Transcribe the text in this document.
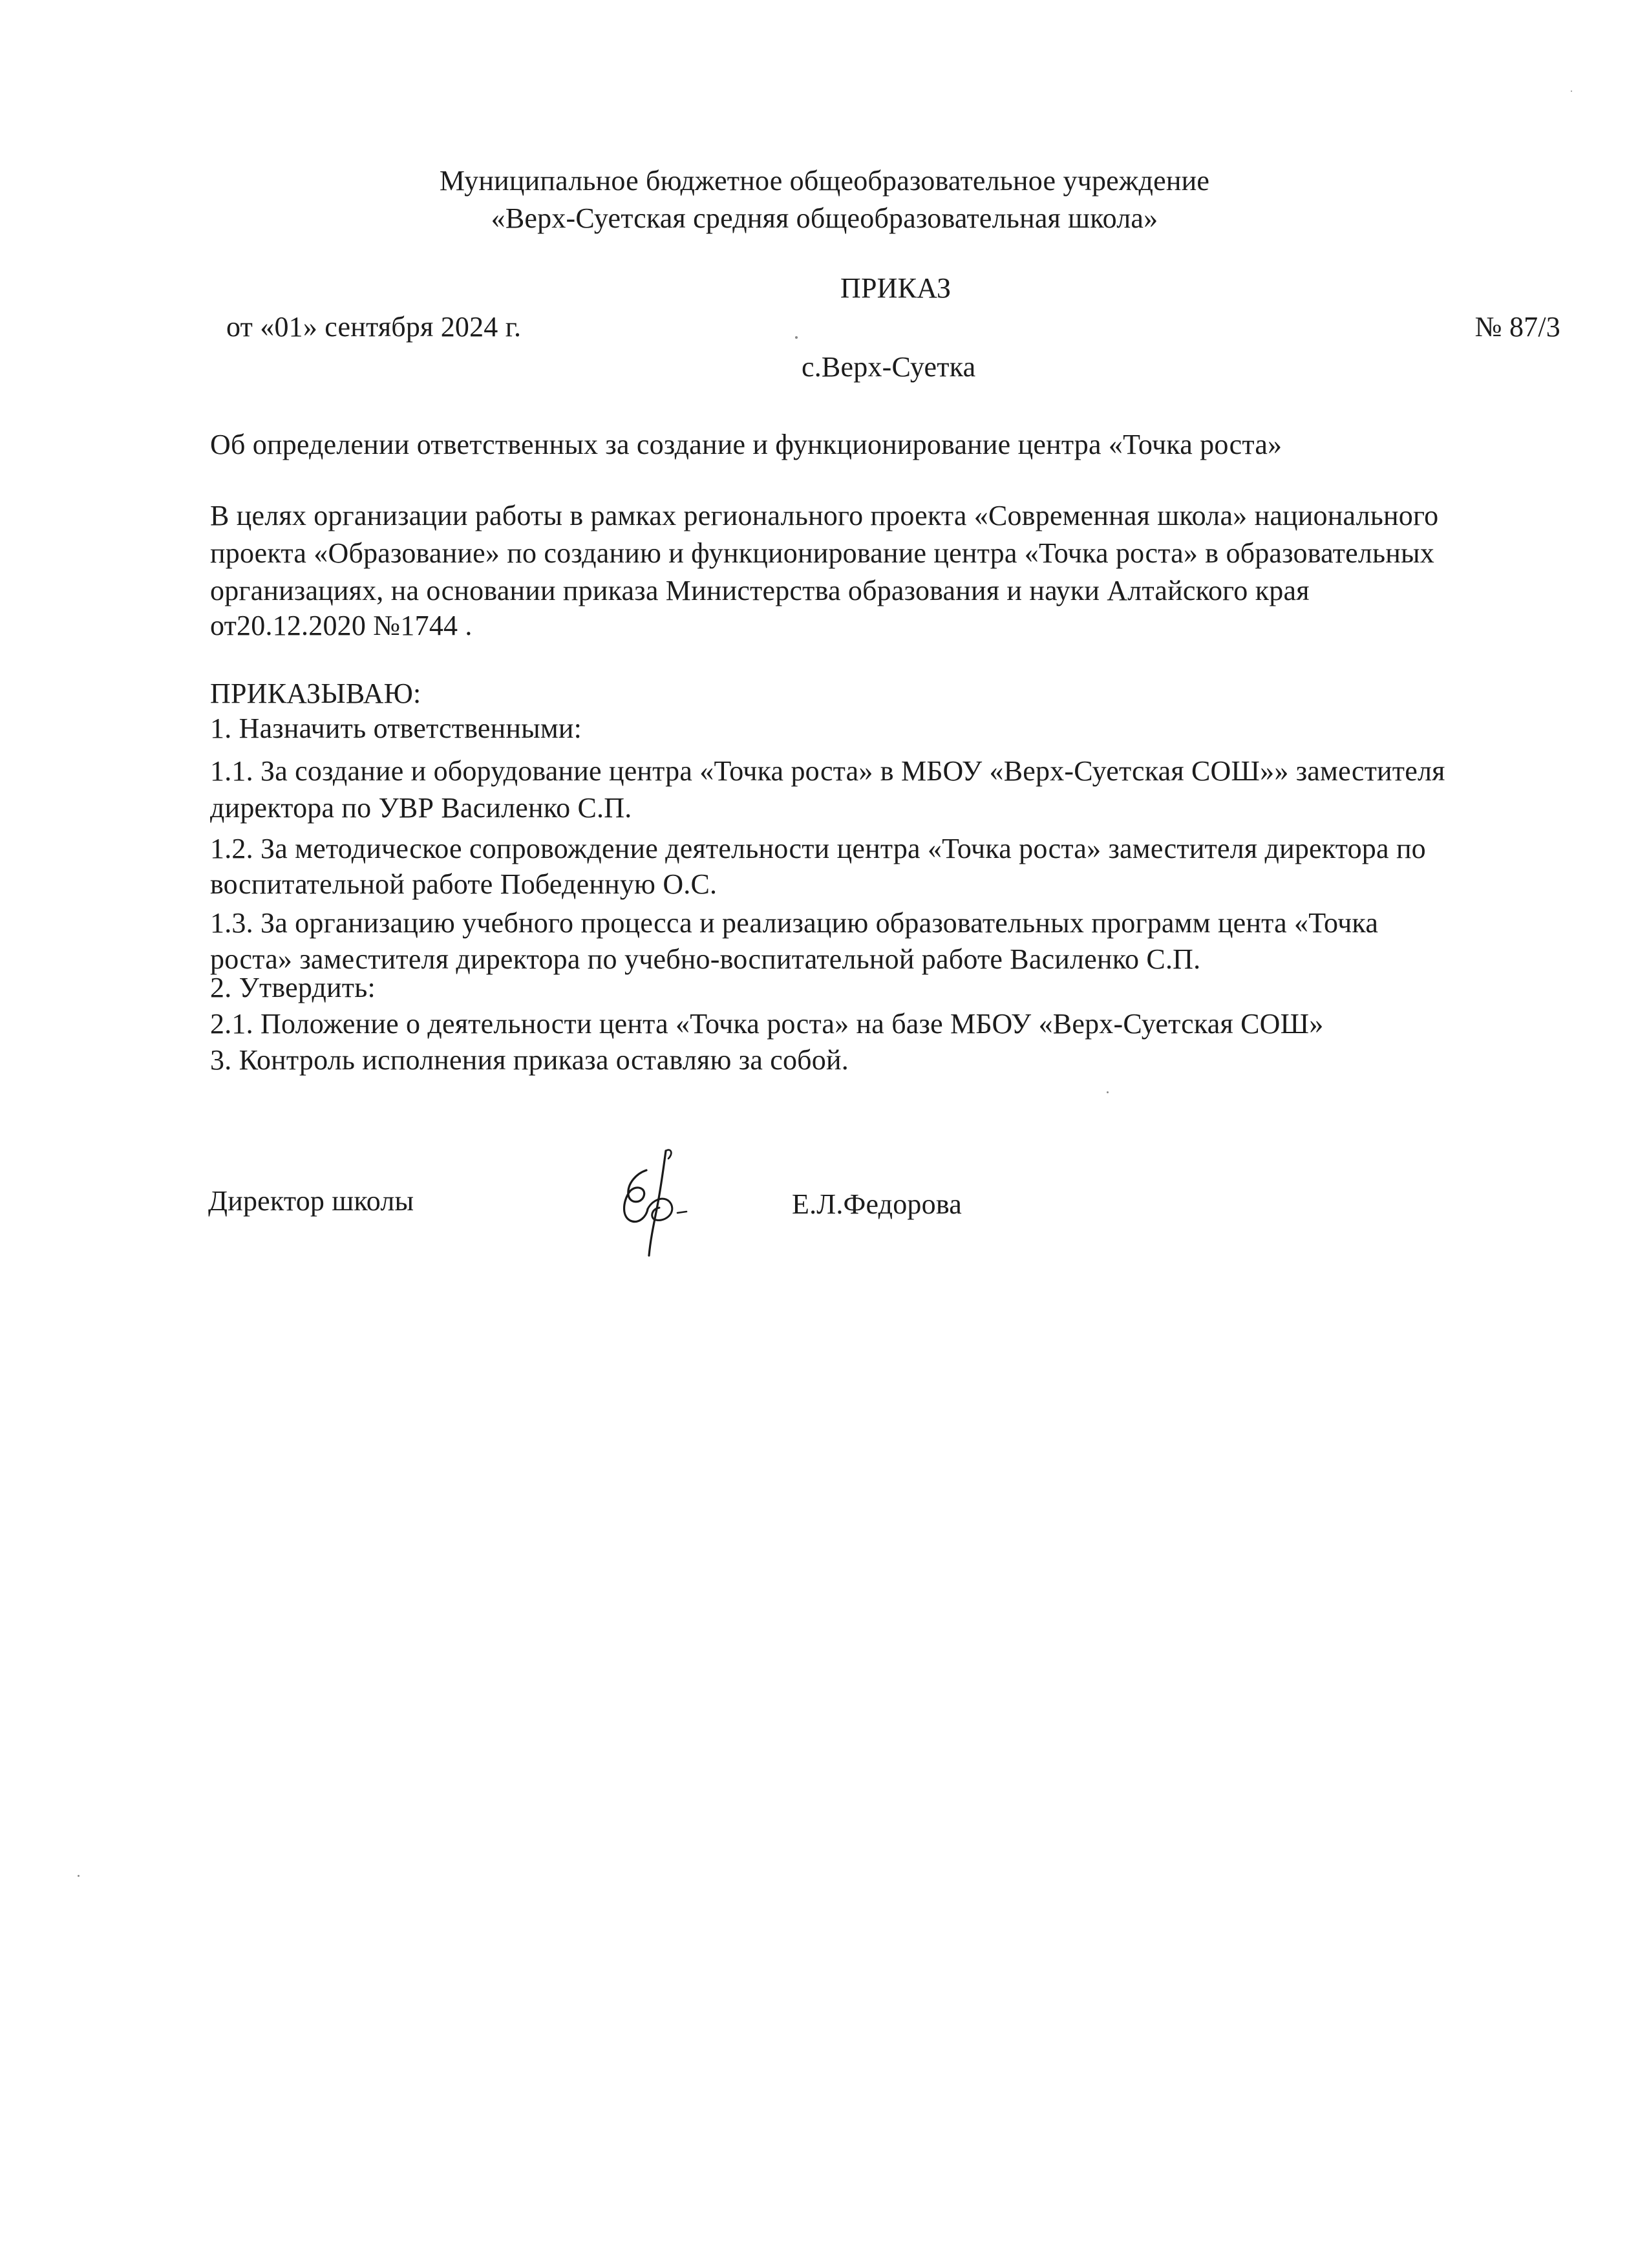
Муниципальное бюджетное общеобразовательное учреждение
«Верх-Суетская средняя общеобразовательная школа»
ПРИКАЗ
от «01» сентября 2024 г.	№ 87/3
с.Верх-Суетка
Об определении ответственных за создание и функционирование центра «Точка роста»
В целях организации работы в рамках регионального проекта «Современная школа» национального
проекта «Образование» по созданию и функционирование центра «Точка роста» в образовательных
организациях, на основании приказа Министерства образования и науки Алтайского края
от20.12.2020 №1744 .
ПРИКАЗЫВАЮ:
1. Назначить ответственными:
1.1. За создание и оборудование центра «Точка роста» в МБОУ «Верх-Суетская СОШ»» заместителя
директора по УВР Василенко С.П.
1.2. За методическое сопровождение деятельности центра «Точка роста» заместителя директора по
воспитательной работе Победенную О.С.
1.3. За организацию учебного процесса и реализацию образовательных программ цента «Точка
роста» заместителя директора по учебно-воспитательной работе Василенко С.П.
2. Утвердить:
2.1. Положение о деятельности цента «Точка роста» на базе МБОУ «Верх-Суетская СОШ»
3. Контроль исполнения приказа оставляю за собой.
Директор школы	Е.Л.Федорова
